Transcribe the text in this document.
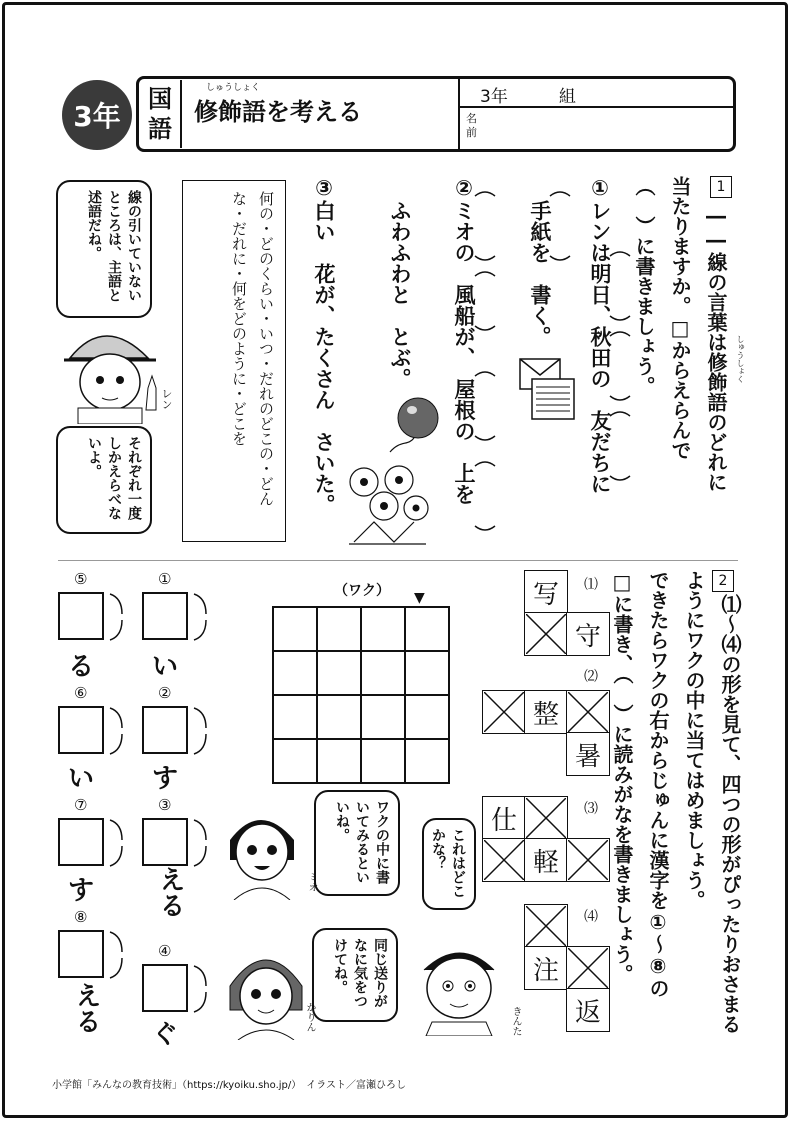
3年
国語
しゅうしょく
修飾語を考える
3年　　　組
名前
1
――線の言葉は修飾語のどれに	しゅうしょく
当たりますか。□からえらんで
（　）に書きましょう。
①レンは明日、秋田の　友だちに
手紙を　書く。
②ミオの　風船が、　屋根の　上を
ふわふわと　とぶ。
③白い　花が、たくさん　さいた。
何の・どのくらい・いつ・だれのどこの・どんな・だれに・何をどのように・どこを
線の引いていないところは、主語と述語だね。
それぞれ一度しかえらべないよ。
レン
2
⑴～⑷の形を見て、四つの形がぴったりおさまる
ようにワクの中に当てはめましょう。
できたらワクの右からじゅんに漢字を①～⑧の
□に書き、（　）に読みがなを書きましょう。
⑴
写
守
⑵
整
暑
⑶
仕
軽
⑷
注
返
（ワク） ▼

①
い
②
す
③
える
④
ぐ
⑤
る
⑥
い
⑦
す
⑧
える
ワクの中に書いてみるといいね。
これはどこかな？
同じ送りがなに気をつけてね。
ミオ
かりん	きんた
小学館「みんなの教育技術」（https://kyoiku.sho.jp/）　イラスト／富瀬ひろし
